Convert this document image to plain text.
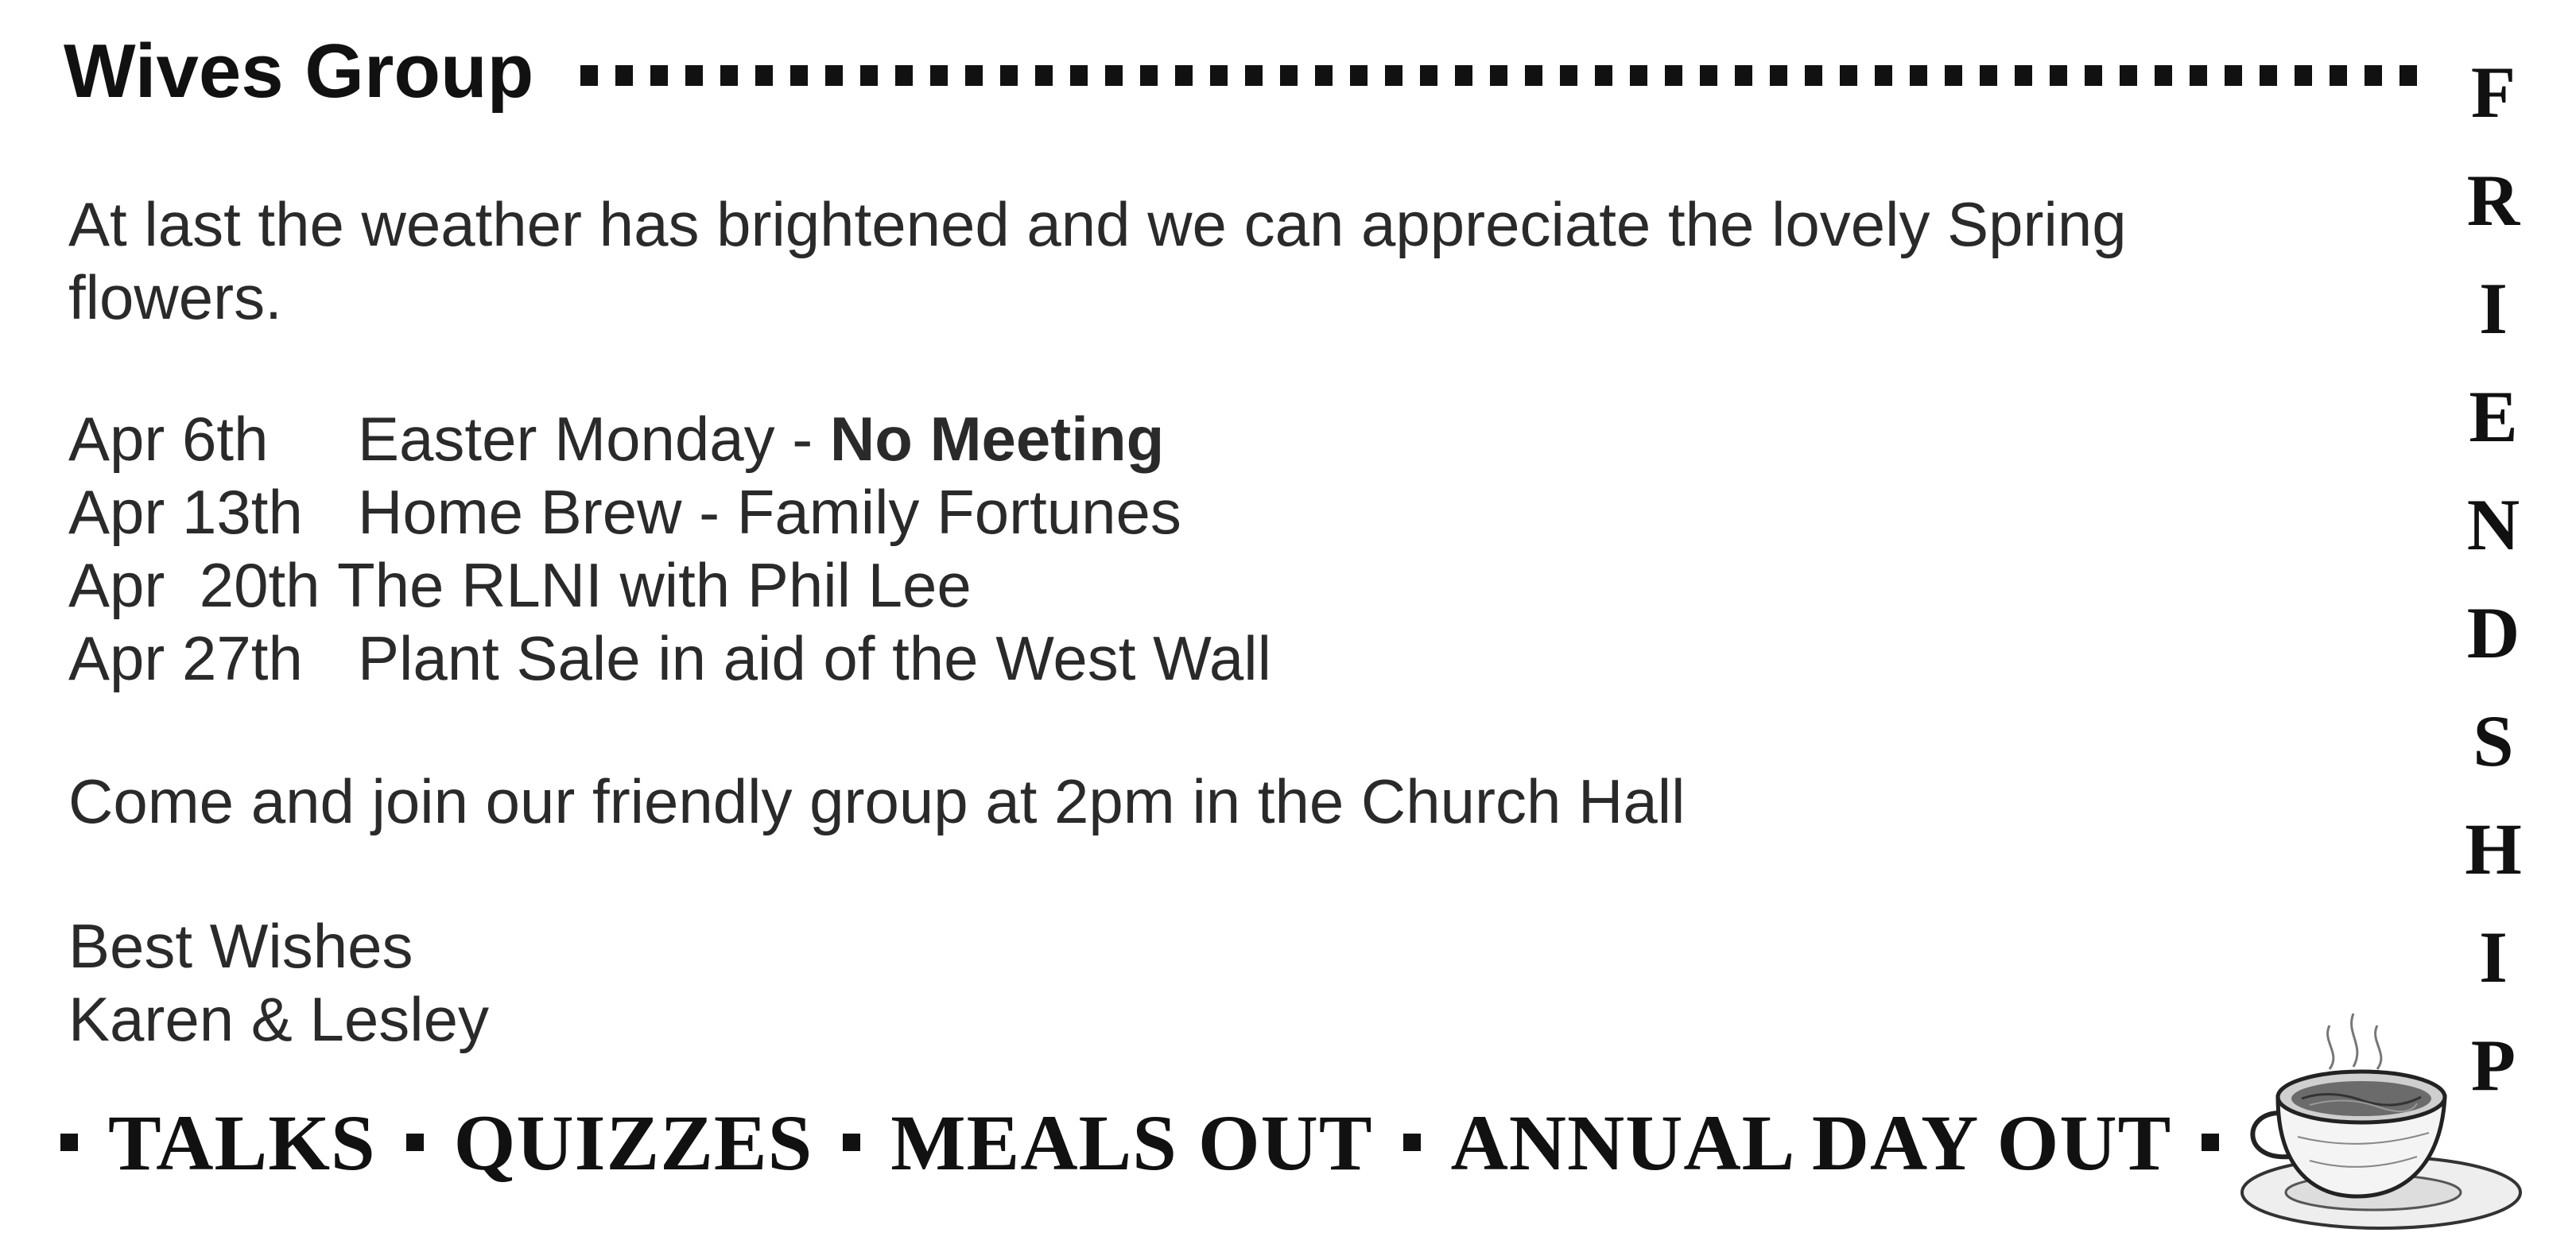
Wives Group
At last the weather has brightened and we can appreciate the lovely Spring
flowers.
Apr 6th Easter Monday - No Meeting
Apr 13th Home Brew - Family Fortunes
Apr  20th The RLNI with Phil Lee
Apr 27th Plant Sale in aid of the West Wall
Come and join our friendly group at 2pm in the Church Hall
Best Wishes
Karen & Lesley
F
R
I
E
N
D
S
H
I
P
TALKS QUIZZES MEALS OUT ANNUAL DAY OUT
